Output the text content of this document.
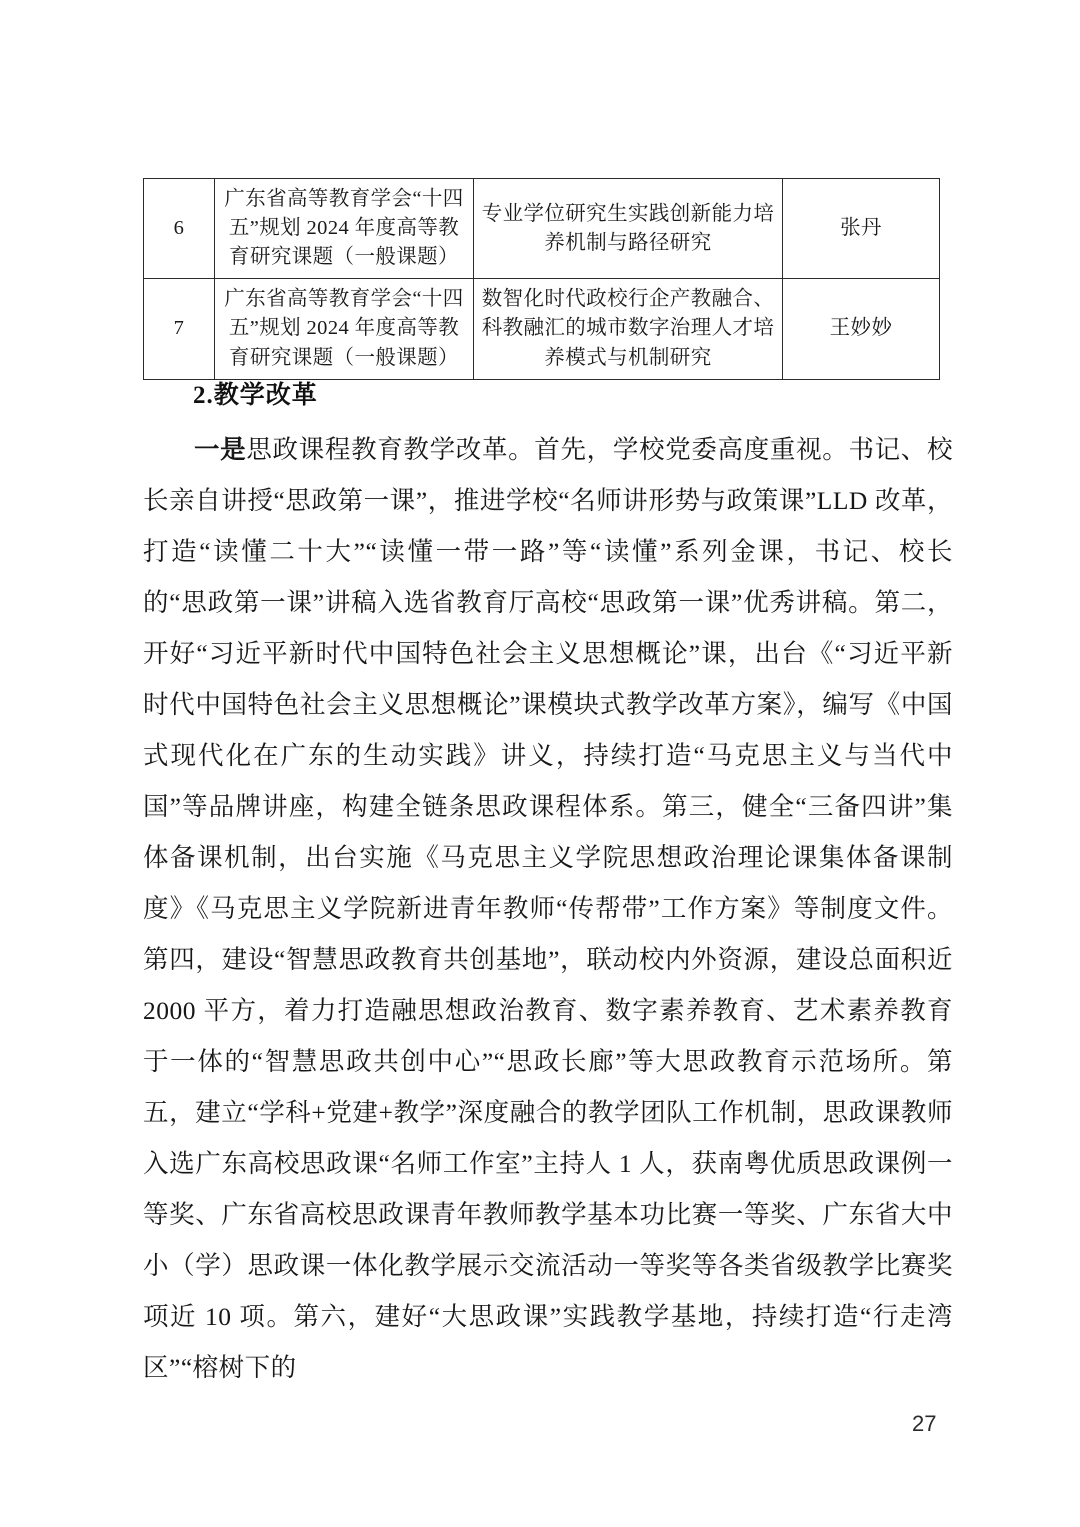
6	广东省高等教育学会“十四五”规划 2024 年度高等教育研究课题（一般课题）	专业学位研究生实践创新能力培养机制与路径研究	张丹
7	广东省高等教育学会“十四五”规划 2024 年度高等教育研究课题（一般课题）	数智化时代政校行企产教融合、科教融汇的城市数字治理人才培养模式与机制研究	王妙妙
2.教学改革

一是思政课程教育教学改革。首先，学校党委高度重视。书记、校长亲自讲授“思政第一课”，推进学校“名师讲形势与政策课”LLD 改革，打造“读懂二十大”“读懂一带一路”等“读懂”系列金课，书记、校长的“思政第一课”讲稿入选省教育厅高校“思政第一课”优秀讲稿。第二，开好“习近平新时代中国特色社会主义思想概论”课，出台《“习近平新时代中国特色社会主义思想概论”课模块式教学改革方案》，编写《中国式现代化在广东的生动实践》讲义，持续打造“马克思主义与当代中国”等品牌讲座，构建全链条思政课程体系。第三，健全“三备四讲”集体备课机制，出台实施《马克思主义学院思想政治理论课集体备课制度》《马克思主义学院新进青年教师“传帮带”工作方案》等制度文件。第四，建设“智慧思政教育共创基地”，联动校内外资源，建设总面积近 2000 平方，着力打造融思想政治教育、数字素养教育、艺术素养教育于一体的“智慧思政共创中心”“思政长廊”等大思政教育示范场所。第五，建立“学科+党建+教学”深度融合的教学团队工作机制，思政课教师入选广东高校思政课“名师工作室”主持人 1 人，获南粤优质思政课例一等奖、广东省高校思政课青年教师教学基本功比赛一等奖、广东省大中小（学）思政课一体化教学展示交流活动一等奖等各类省级教学比赛奖项近 10 项。第六，建好“大思政课”实践教学基地，持续打造“行走湾区”“榕树下的

27
